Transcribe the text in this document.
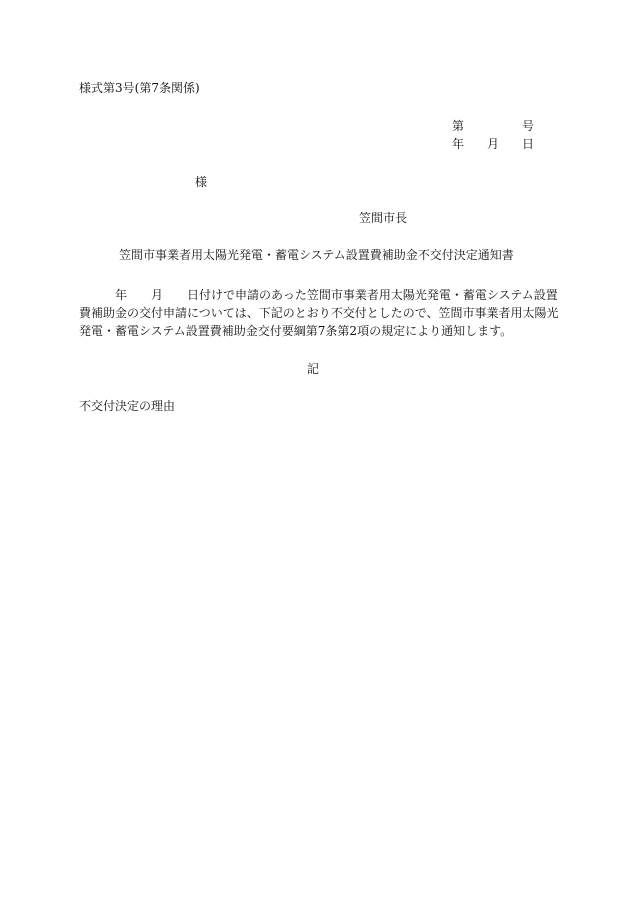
様式第3号(第7条関係)
第	号
年 月 日
様
笠間市長
笠間市事業者用太陽光発電・蓄電システム設置費補助金不交付決定通知書
年 月 日付けで申請のあった笠間市事業者用太陽光発電・蓄電システム設置
費補助金の交付申請については、下記のとおり不交付としたので、笠間市事業者用太陽光
発電・蓄電システム設置費補助金交付要綱第7条第2項の規定により通知します。
記
不交付決定の理由
